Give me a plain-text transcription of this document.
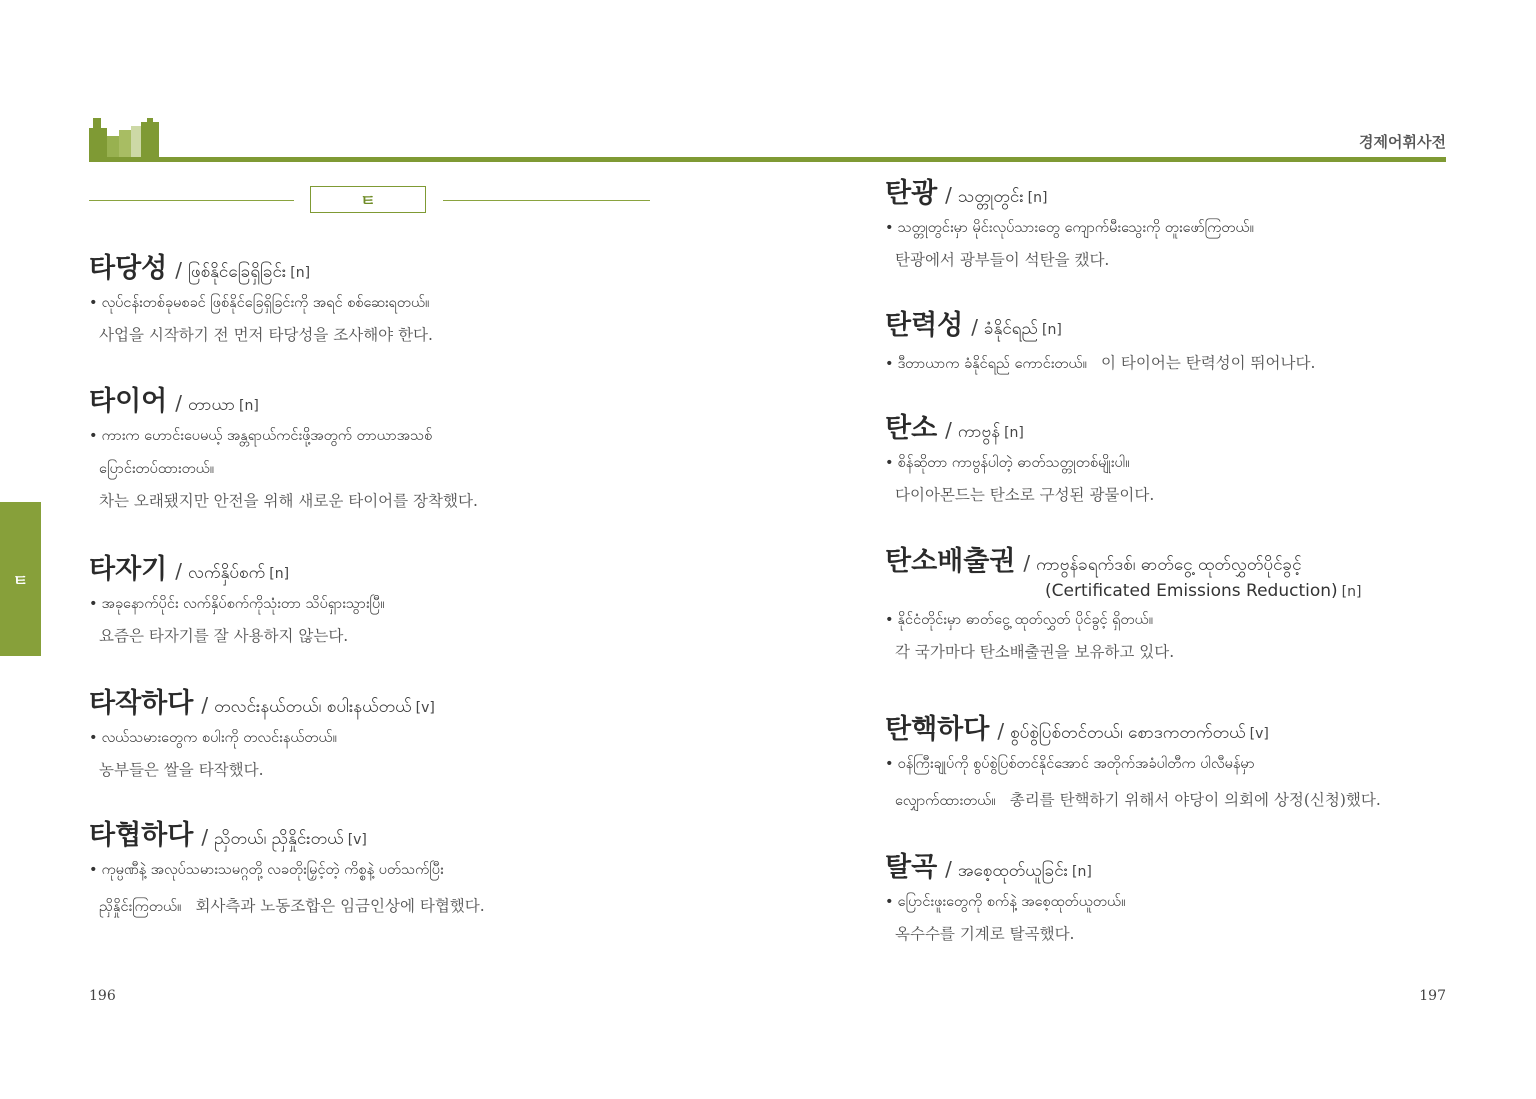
경제어휘사전
ㅌ
ㅌ
타당성 / ဖြစ်နိုင်ခြေရှိခြင်း [n]
• လုပ်ငန်းတစ်ခုမစခင် ဖြစ်နိုင်ခြေရှိခြင်းကို အရင် စစ်ဆေးရတယ်။
사업을 시작하기 전 먼저 타당성을 조사해야 한다.
타이어 / တာယာ [n]
• ကားက ဟောင်းပေမယ့် အန္တရာယ်ကင်းဖို့အတွက် တာယာအသစ်
ပြောင်းတပ်ထားတယ်။
차는 오래됐지만 안전을 위해 새로운 타이어를 장착했다.
타자기 / လက်နှိပ်စက် [n]
• အခုနောက်ပိုင်း လက်နှိပ်စက်ကိုသုံးတာ သိပ်ရှားသွားပြီ။
요즘은 타자기를 잘 사용하지 않는다.
타작하다 / တလင်းနယ်တယ်၊ စပါးနယ်တယ် [v]
• လယ်သမားတွေက စပါးကို တလင်းနယ်တယ်။
농부들은 쌀을 타작했다.
타협하다 / ညှိတယ်၊ ညှိနှိုင်းတယ် [v]
• ကုမ္ပဏီနဲ့ အလုပ်သမားသမဂ္ဂတို့ လခတိုးမြှင့်တဲ့ ကိစ္စနဲ့ ပတ်သက်ပြီး
ညှိနှိုင်းကြတယ်။ 회사측과 노동조합은 임금인상에 타협했다.
탄광 / သတ္တုတွင်း [n]
• သတ္တုတွင်းမှာ မိုင်းလုပ်သားတွေ ကျောက်မီးသွေးကို တူးဖော်ကြတယ်။
탄광에서 광부들이 석탄을 캤다.
탄력성 / ခံနိုင်ရည် [n]
• ဒီတာယာက ခံနိုင်ရည် ကောင်းတယ်။ 이 타이어는 탄력성이 뛰어나다.
탄소 / ကာဗွန် [n]
• စိန်ဆိုတာ ကာဗွန်ပါတဲ့ ဓာတ်သတ္တုတစ်မျိုးပါ။
다이아몬드는 탄소로 구성된 광물이다.
탄소배출권 / ကာဗွန်ခရက်ဒစ်၊ ဓာတ်ငွေ့ ထုတ်လွှတ်ပိုင်ခွင့်
(Certificated Emissions Reduction) [n]
• နိုင်ငံတိုင်းမှာ ဓာတ်ငွေ့ ထုတ်လွှတ် ပိုင်ခွင့် ရှိတယ်။
각 국가마다 탄소배출권을 보유하고 있다.
탄핵하다 / စွပ်စွဲပြစ်တင်တယ်၊ စောဒကတက်တယ် [v]
• ဝန်ကြီးချုပ်ကို စွပ်စွဲပြစ်တင်နိုင်အောင် အတိုက်အခံပါတီက ပါလီမန်မှာ
လျှောက်ထားတယ်။ 총리를 탄핵하기 위해서 야당이 의회에 상정(신청)했다.
탈곡 / အစေ့ထုတ်ယူခြင်း [n]
• ပြောင်းဖူးတွေကို စက်နဲ့ အစေ့ထုတ်ယူတယ်။
옥수수를 기계로 탈곡했다.
196	197
